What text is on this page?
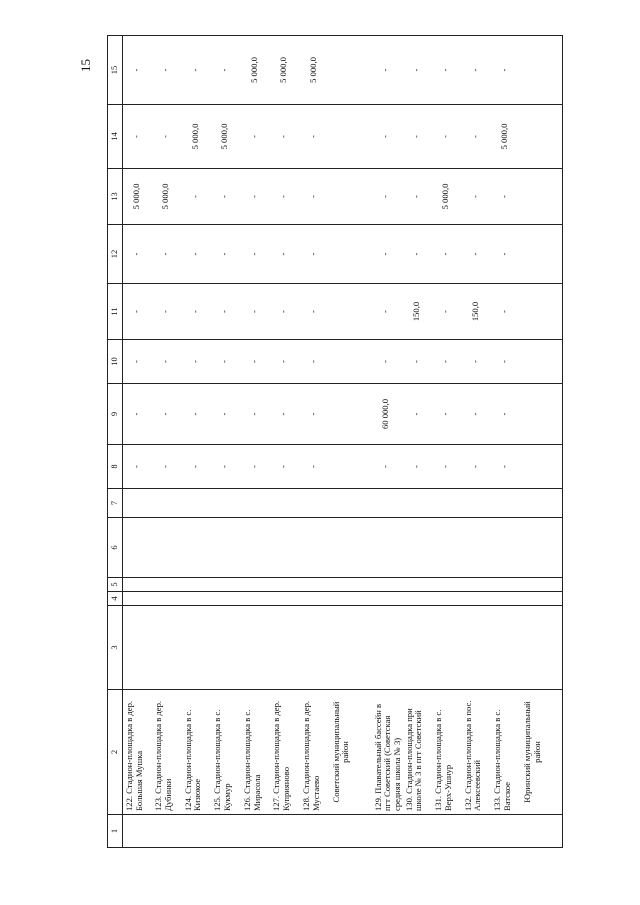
15
1	2	3	4	5	6	7	8	9	10	11	12	13	14	15
	122. Стадион-площадка в дер. Большая Мушка						-	-	-	-	-	5 000,0	-	-
	123. Стадион-площадка в дер. Дубинки						-	-	-	-	-	5 000,0	-	-
	124. Стадион-площадка в с. Кизюкое						-	-	-	-	-	-	5 000,0	-
	125. Стадион-площадка в с. Кукмур						-	-	-	-	-	-	5 000,0	-
	126. Стадион-площадка в с. Мирасола						-	-	-	-	-	-	-	5 000,0
	127. Стадион-площадка в дер. Куприяново						-	-	-	-	-	-	-	5 000,0
	128. Стадион-площадка в дер. Мустаево						-	-	-	-	-	-	-	5 000,0
	Советский муниципальный район													
	129. Плавательный бассейн в пгт Советский (Советская средняя школа № 3)						-	60 000,0	-	-	-	-	-	-
	130. Стадион-площадка при школе № 3 в пгт Советский						-	-	-	150,0	-	-	-	-
	131. Стадион-площадка в с. Верх-Ушнур						-	-	-	-	-	5 000,0	-	-
	132. Стадион-площадка в пос. Алексеевский						-	-	-	150,0	-	-	-	-
	133. Стадион-площадка в с. Ватское						-	-	-	-	-	-	5 000,0	-
	Юринский муниципальный район													
